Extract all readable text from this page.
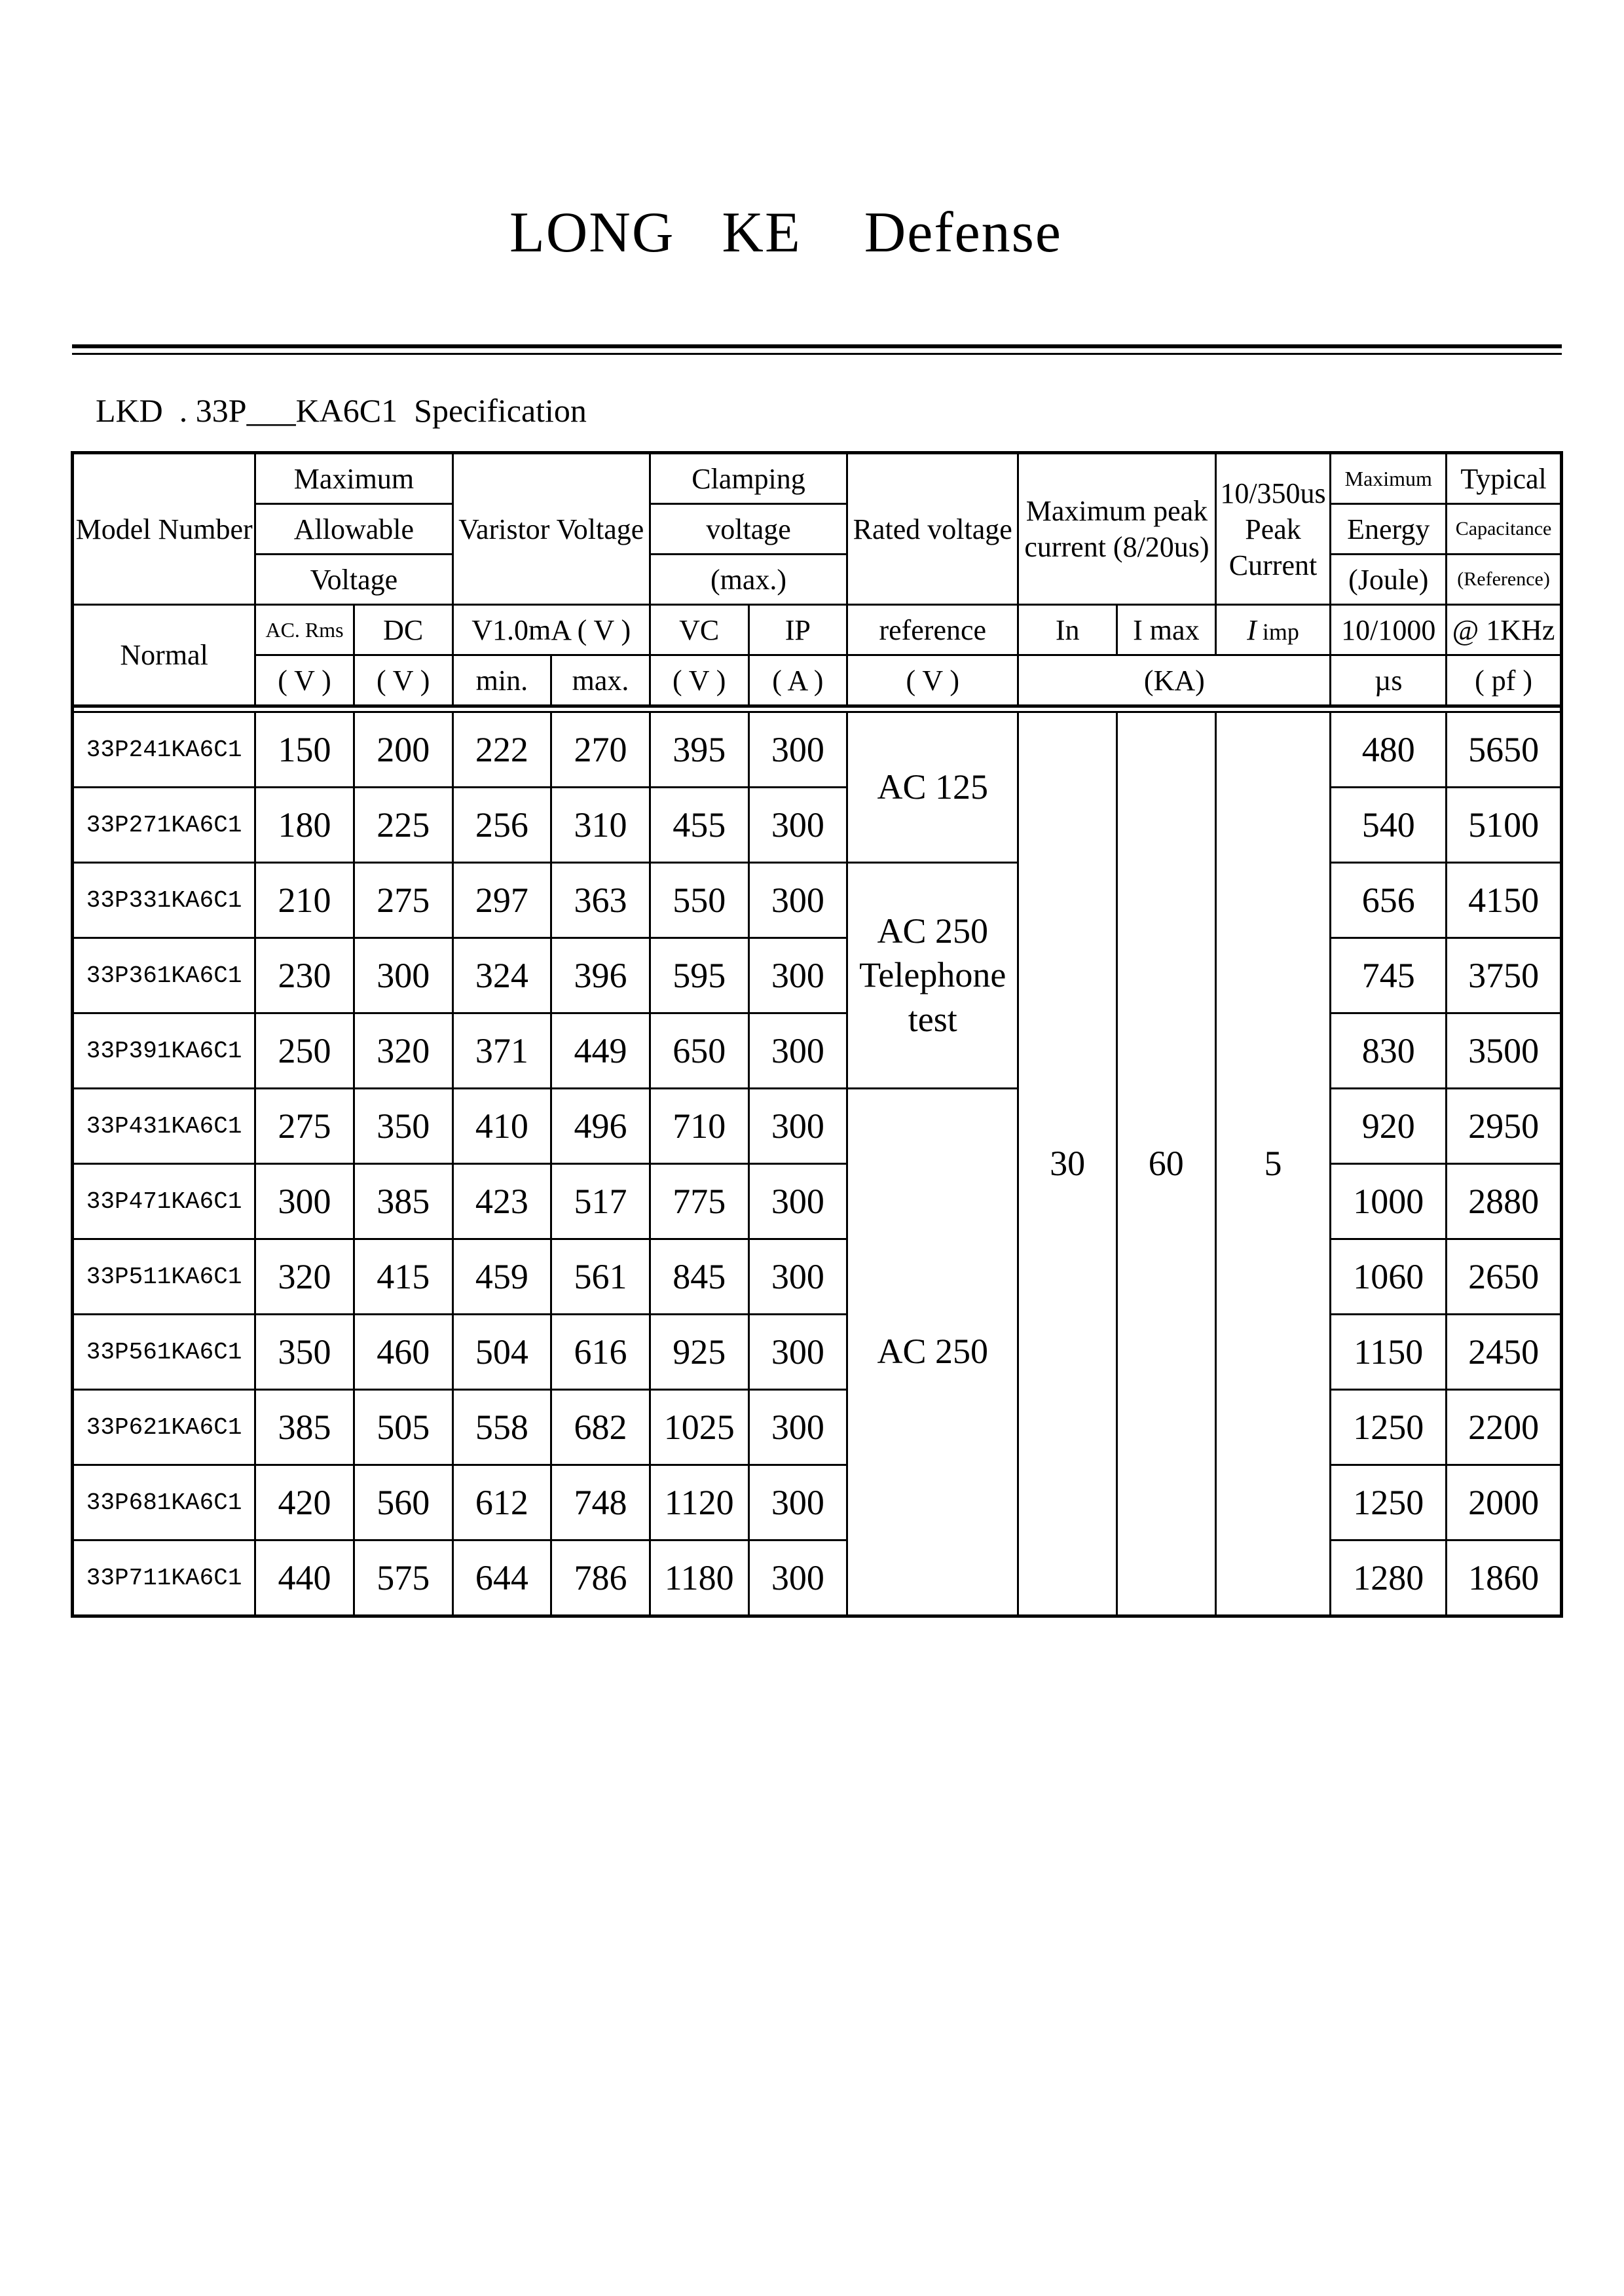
LONG   KE    Defense
LKD  . 33P___KA6C1  Specification
Model Number	Maximum		Varistor Voltage		Clamping		Rated voltage	Maximum peak current (8/20us)		10/350us Peak Current	Maximum	Typical
	Allowable				voltage						Energy	Capacitance
	Voltage				(max.)						(Joule)	(Reference)
Normal	AC. Rms	DC	V1.0mA ( V )		VC	IP	reference	In	I max	I imp	10/1000	@ 1KHz
	( V )	( V )	min.	max.	( V )	( A )	( V )	(KA)			µs	( pf )

33P241KA6C1	150	200	222	270	395	300	AC 125	30	60	5	480	5650
33P271KA6C1	180	225	256	310	455	300					540	5100
33P331KA6C1	210	275	297	363	550	300	AC 250 Telephone test				656	4150
33P361KA6C1	230	300	324	396	595	300					745	3750
33P391KA6C1	250	320	371	449	650	300					830	3500
33P431KA6C1	275	350	410	496	710	300	AC 250				920	2950
33P471KA6C1	300	385	423	517	775	300					1000	2880
33P511KA6C1	320	415	459	561	845	300					1060	2650
33P561KA6C1	350	460	504	616	925	300					1150	2450
33P621KA6C1	385	505	558	682	1025	300					1250	2200
33P681KA6C1	420	560	612	748	1120	300					1250	2000
33P711KA6C1	440	575	644	786	1180	300					1280	1860
